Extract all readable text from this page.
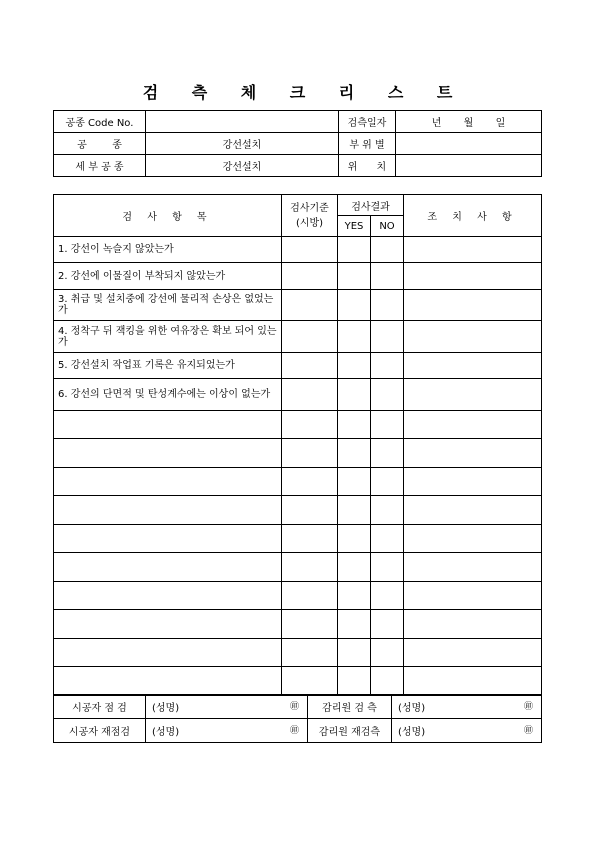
검 측 체 크 리 스 트
공종 Code No.		검측일자	년       월       일
공        종	강선설치	부 위 별	
세 부 공 종	강선설치	위      치	
검 사 항 목	검사기준
(시방)	검사결과		조 치 사 항
		YES	NO	
1. 강선이 녹슬지 않았는가				
2. 강선에 이물질이 부착되지 않았는가				
3. 취급 및 설치중에 강선에 물리적 손상은 없었는가				
4. 정착구 뒤 잭킹을 위한 여유장은 확보 되어 있는가				
5. 강선설치 작업표 기록은 유지되었는가				
6. 강선의 단면적 및 탄성계수에는 이상이 없는가				

시공자 점 검	(성명) ㊞	감리원 검 측	(성명) ㊞

시공자 재점검	(성명) ㊞	감리원 재검측	(성명) ㊞
